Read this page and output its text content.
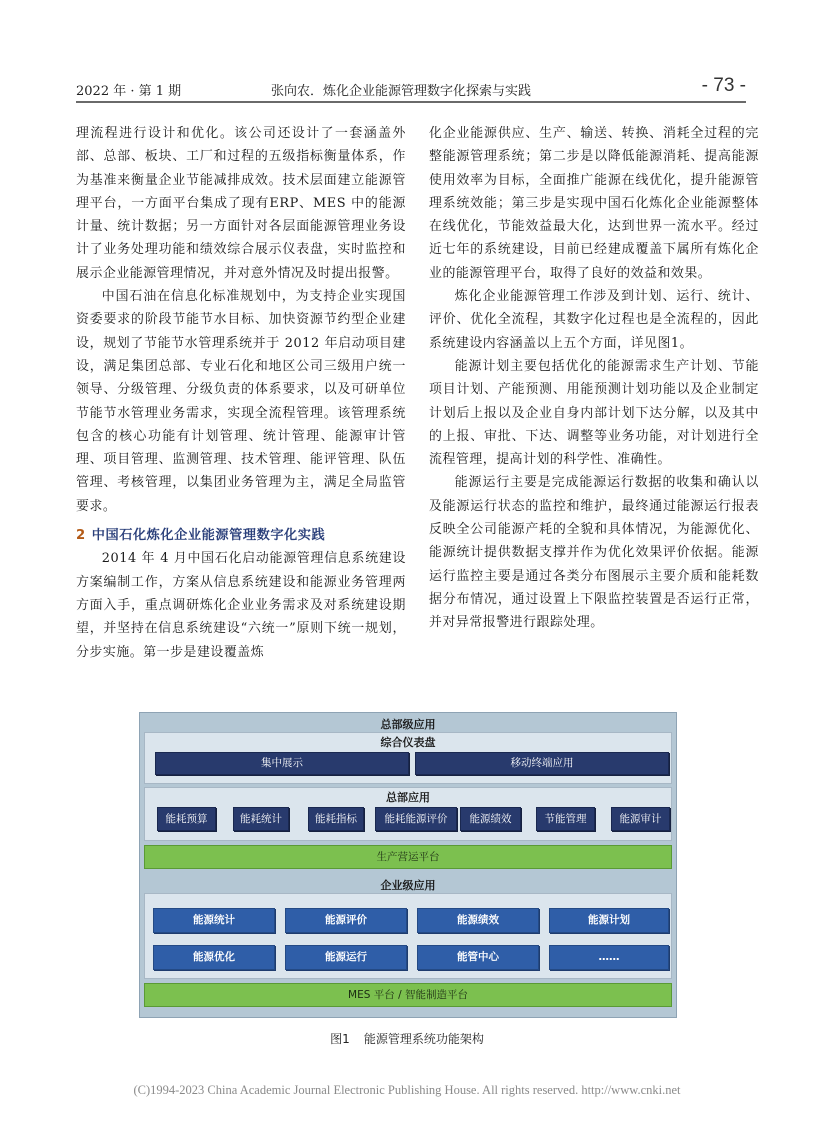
2022 年 · 第 1 期	张向农．炼化企业能源管理数字化探索与实践	- 73 -

理流程进行设计和优化。该公司还设计了一套涵盖外部、总部、板块、工厂和过程的五级指标衡量体系，作为基准来衡量企业节能减排成效。技术层面建立能源管理平台，一方面平台集成了现有ERP、MES 中的能源计量、统计数据；另一方面针对各层面能源管理业务设计了业务处理功能和绩效综合展示仪表盘，实时监控和展示企业能源管理情况，并对意外情况及时提出报警。

中国石油在信息化标准规划中，为支持企业实现国资委要求的阶段节能节水目标、加快资源节约型企业建设，规划了节能节水管理系统并于 2012 年启动项目建设，满足集团总部、专业石化和地区公司三级用户统一领导、分级管理、分级负责的体系要求，以及可研单位节能节水管理业务需求，实现全流程管理。该管理系统包含的核心功能有计划管理、统计管理、能源审计管理、项目管理、监测管理、技术管理、能评管理、队伍管理、考核管理，以集团业务管理为主，满足全局监管要求。

2 中国石化炼化企业能源管理数字化实践

2014 年 4 月中国石化启动能源管理信息系统建设方案编制工作，方案从信息系统建设和能源业务管理两方面入手，重点调研炼化企业业务需求及对系统建设期望，并坚持在信息系统建设“六统一”原则下统一规划，分步实施。第一步是建设覆盖炼

化企业能源供应、生产、输送、转换、消耗全过程的完整能源管理系统；第二步是以降低能源消耗、提高能源使用效率为目标，全面推广能源在线优化，提升能源管理系统效能；第三步是实现中国石化炼化企业能源整体在线优化，节能效益最大化，达到世界一流水平。经过近七年的系统建设，目前已经建成覆盖下属所有炼化企业的能源管理平台，取得了良好的效益和效果。

炼化企业能源管理工作涉及到计划、运行、统计、评价、优化全流程，其数字化过程也是全流程的，因此系统建设内容涵盖以上五个方面，详见图1。

能源计划主要包括优化的能源需求生产计划、节能项目计划、产能预测、用能预测计划功能以及企业制定计划后上报以及企业自身内部计划下达分解，以及其中的上报、审批、下达、调整等业务功能，对计划进行全流程管理，提高计划的科学性、准确性。

能源运行主要是完成能源运行数据的收集和确认以及能源运行状态的监控和维护，最终通过能源运行报表反映全公司能源产耗的全貌和具体情况，为能源优化、能源统计提供数据支撑并作为优化效果评价依据。能源运行监控主要是通过各类分布图展示主要介质和能耗数据分布情况，通过设置上下限监控装置是否运行正常，并对异常报警进行跟踪处理。

总部级应用
综合仪表盘
集中展示	移动终端应用
总部应用
能耗预算	能耗统计	能耗指标	能耗能源评价	能源绩效	节能管理	能源审计
生产营运平台
企业级应用
能源统计	能源评价	能源绩效	能源计划
能源优化	能源运行	能管中心	……
MES 平台 / 智能制造平台
图1 能源管理系统功能架构
(C)1994-2023 China Academic Journal Electronic Publishing House. All rights reserved. http://www.cnki.net
